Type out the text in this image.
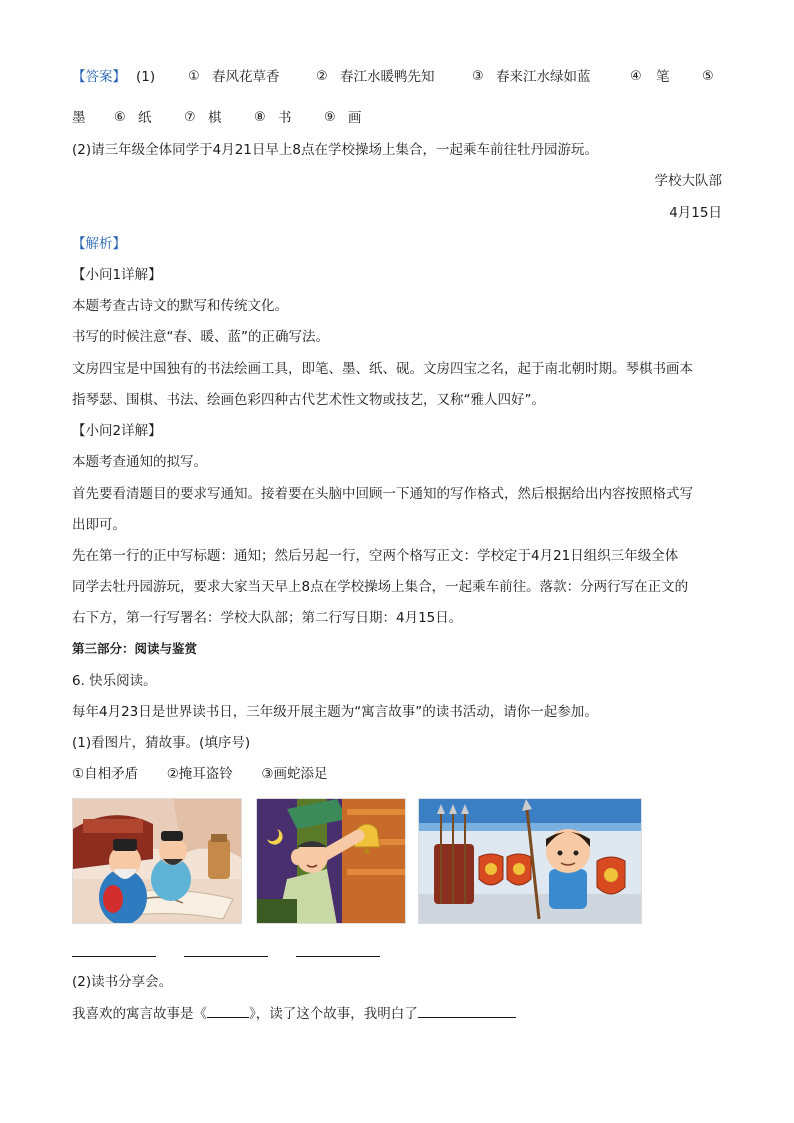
【答案】 (1)	① 春风花草香	② 春江水暖鸭先知	③ 春来江水绿如蓝	④ 笔	⑤
墨 ⑥ 纸	⑦ 棋	⑧ 书	⑨ 画
(2)请三年级全体同学于4月21日早上8点在学校操场上集合，一起乘车前往牡丹园游玩。
学校大队部
4月15日
【解析】
【小问1详解】
本题考查古诗文的默写和传统文化。
书写的时候注意“春、暖、蓝”的正确写法。
文房四宝是中国独有的书法绘画工具，即笔、墨、纸、砚。文房四宝之名，起于南北朝时期。琴棋书画本
指琴瑟、围棋、书法、绘画色彩四种古代艺术性文物或技艺，又称“雅人四好”。
【小问2详解】
本题考查通知的拟写。
首先要看清题目的要求写通知。接着要在头脑中回顾一下通知的写作格式，然后根据给出内容按照格式写
出即可。
先在第一行的正中写标题：通知；然后另起一行，空两个格写正文：学校定于4月21日组织三年级全体
同学去牡丹园游玩，要求大家当天早上8点在学校操场上集合，一起乘车前往。落款：分两行写在正文的
右下方，第一行写署名：学校大队部；第二行写日期：4月15日。
第三部分：阅读与鉴赏
6. 快乐阅读。
每年4月23日是世界读书日，三年级开展主题为“寓言故事”的读书活动，请你一起参加。
(1)看图片，猜故事。(填序号)
①自相矛盾 ②掩耳盗铃 ③画蛇添足
(2)读书分享会。
我喜欢的寓言故事是《	》，读了这个故事，我明白了
